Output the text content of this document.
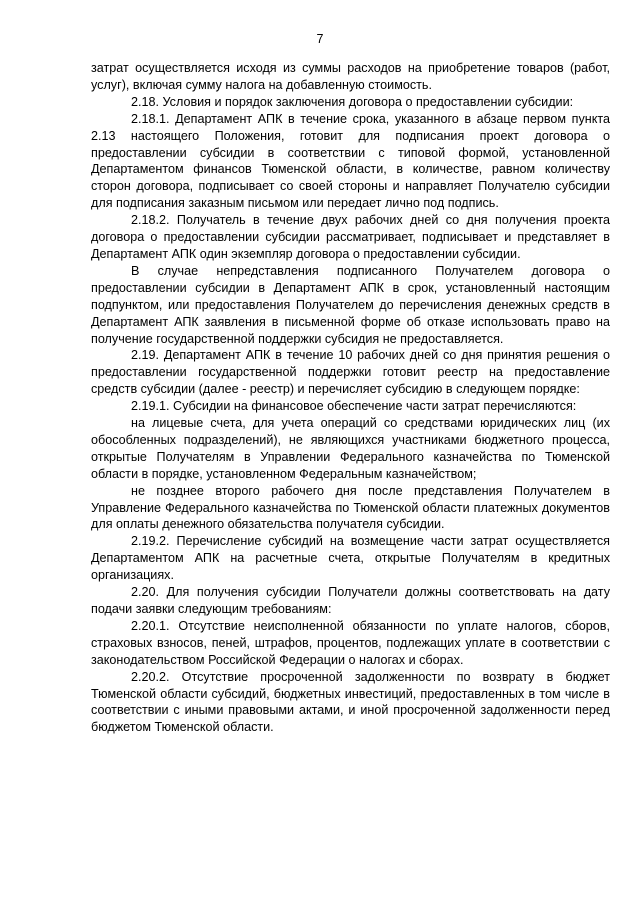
7

затрат осуществляется исходя из суммы расходов на приобретение товаров (работ, услуг), включая сумму налога на добавленную стоимость.

2.18. Условия и порядок заключения договора о предоставлении субсидии:

2.18.1. Департамент АПК в течение срока, указанного в абзаце первом пункта 2.13 настоящего Положения, готовит для подписания проект договора о предоставлении субсидии в соответствии с типовой формой, установленной Департаментом финансов Тюменской области, в количестве, равном количеству сторон договора, подписывает со своей стороны и направляет Получателю субсидии для подписания заказным письмом или передает лично под подпись.

2.18.2. Получатель в течение двух рабочих дней со дня получения проекта договора о предоставлении субсидии рассматривает, подписывает и представляет в Департамент АПК один экземпляр договора о предоставлении субсидии.

В случае непредставления подписанного Получателем договора о предоставлении субсидии в Департамент АПК в срок, установленный настоящим подпунктом, или предоставления Получателем до перечисления денежных средств в Департамент АПК заявления в письменной форме об отказе использовать право на получение государственной поддержки субсидия не предоставляется.

2.19. Департамент АПК в течение 10 рабочих дней со дня принятия решения о предоставлении государственной поддержки готовит реестр на предоставление средств субсидии (далее - реестр) и перечисляет субсидию в следующем порядке:

2.19.1. Субсидии на финансовое обеспечение части затрат перечисляются:

на лицевые счета, для учета операций со средствами юридических лиц (их обособленных подразделений), не являющихся участниками бюджетного процесса, открытые Получателям в Управлении Федерального казначейства по Тюменской области в порядке, установленном Федеральным казначейством;

не позднее второго рабочего дня после представления Получателем в Управление Федерального казначейства по Тюменской области платежных документов для оплаты денежного обязательства получателя субсидии.

2.19.2. Перечисление субсидий на возмещение части затрат осуществляется Департаментом АПК на расчетные счета, открытые Получателям в кредитных организациях.

2.20. Для получения субсидии Получатели должны соответствовать на дату подачи заявки следующим требованиям:

2.20.1. Отсутствие неисполненной обязанности по уплате налогов, сборов, страховых взносов, пеней, штрафов, процентов, подлежащих уплате в соответствии с законодательством Российской Федерации о налогах и сборах.

2.20.2. Отсутствие просроченной задолженности по возврату в бюджет Тюменской области субсидий, бюджетных инвестиций, предоставленных в том числе в соответствии с иными правовыми актами, и иной просроченной задолженности перед бюджетом Тюменской области.
